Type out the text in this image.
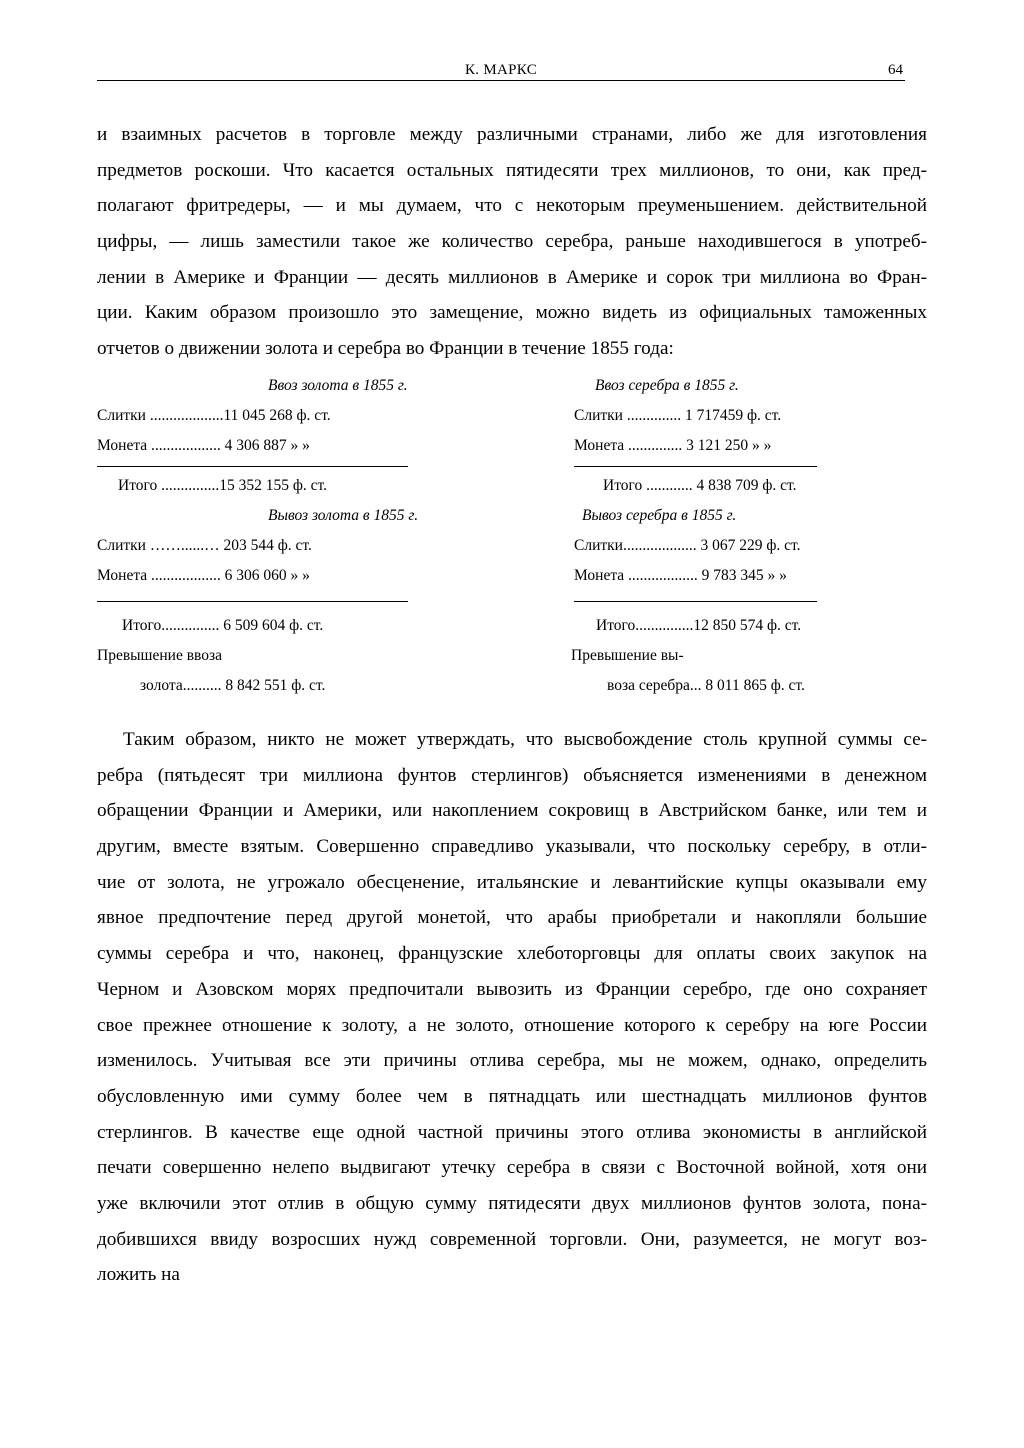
К. МАРКС	64
и взаимных расчетов в торговле между различными странами, либо же для изготовления
предметов роскоши. Что касается остальных пятидесяти трех миллионов, то они, как пред-
полагают фритредеры, — и мы думаем, что с некоторым преуменьшением. действительной
цифры, — лишь заместили такое же количество серебра, раньше находившегося в употреб-
лении в Америке и Франции — десять миллионов в Америке и сорок три миллиона во Фран-
ции. Каким образом произошло это замещение, можно видеть из официальных таможенных
отчетов о движении золота и серебра во Франции в течение 1855 года:
Ввоз золота в 1855 г.
Слитки ...................11 045 268 ф. ст.
Монета .................. 4 306 887 » »
Итого ...............15 352 155 ф. ст.
Вывоз золота в 1855 г.
Слитки ……......… 203 544 ф. ст.
Монета .................. 6 306 060 » »
Итого............... 6 509 604 ф. ст.
Превышение ввоза
золота.......... 8 842 551 ф. ст.
Ввоз серебра в 1855 г.
Слитки .............. 1 717459 ф. ст.
Монета .............. 3 121 250 » »
Итого ............ 4 838 709 ф. ст.
Вывоз серебра в 1855 г.
Слитки................... 3 067 229 ф. ст.
Монета .................. 9 783 345 » »
Итого...............12 850 574 ф. ст.
Превышение вы-
воза серебра... 8 011 865 ф. ст.
Таким образом, никто не может утверждать, что высвобождение столь крупной суммы се-
ребра (пятьдесят три миллиона фунтов стерлингов) объясняется изменениями в денежном
обращении Франции и Америки, или накоплением сокровищ в Австрийском банке, или тем и
другим, вместе взятым. Совершенно справедливо указывали, что поскольку серебру, в отли-
чие от золота, не угрожало обесценение, итальянские и левантийские купцы оказывали ему
явное предпочтение перед другой монетой, что арабы приобретали и накопляли большие
суммы серебра и что, наконец, французские хлеботорговцы для оплаты своих закупок на
Черном и Азовском морях предпочитали вывозить из Франции серебро, где оно сохраняет
свое прежнее отношение к золоту, а не золото, отношение которого к серебру на юге России
изменилось. Учитывая все эти причины отлива серебра, мы не можем, однако, определить
обусловленную ими сумму более чем в пятнадцать или шестнадцать миллионов фунтов
стерлингов. В качестве еще одной частной причины этого отлива экономисты в английской
печати совершенно нелепо выдвигают утечку серебра в связи с Восточной войной, хотя они
уже включили этот отлив в общую сумму пятидесяти двух миллионов фунтов золота, пона-
добившихся ввиду возросших нужд современной торговли. Они, разумеется, не могут воз-
ложить на
